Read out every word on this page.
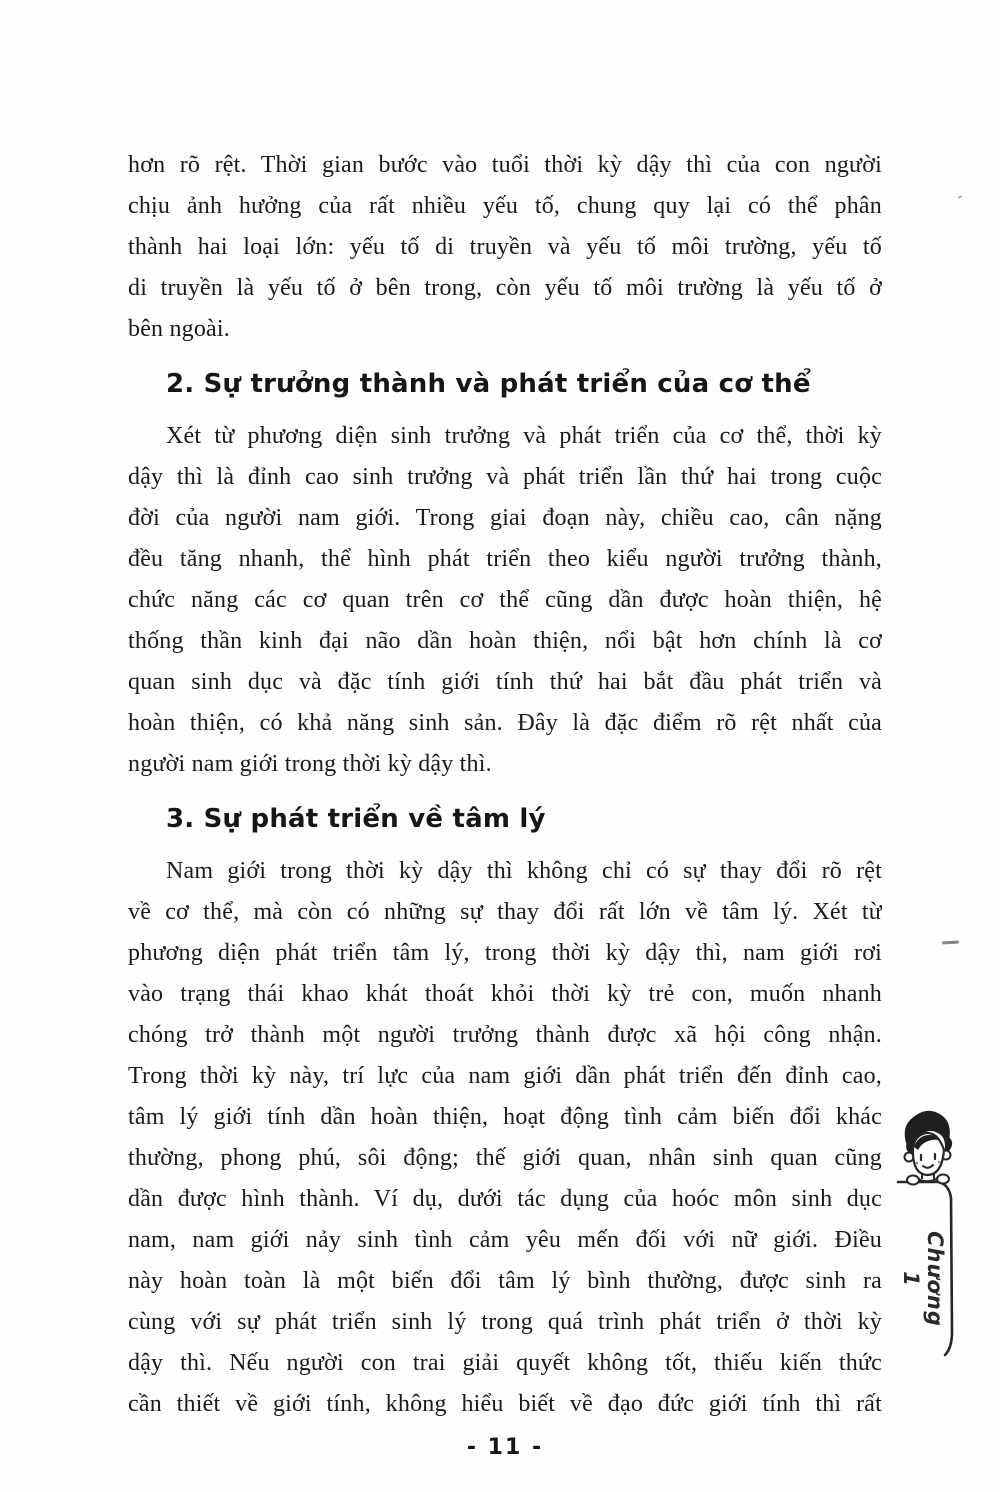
hơn rõ rệt. Thời gian bước vào tuổi thời kỳ dậy thì của con người
chịu ảnh hưởng của rất nhiều yếu tố, chung quy lại có thể phân
thành hai loại lớn: yếu tố di truyền và yếu tố môi trường, yếu tố
di truyền là yếu tố ở bên trong, còn yếu tố môi trường là yếu tố ở
bên ngoài.
2. Sự trưởng thành và phát triển của cơ thể
Xét từ phương diện sinh trưởng và phát triển của cơ thể, thời kỳ
dậy thì là đỉnh cao sinh trưởng và phát triển lần thứ hai trong cuộc
đời của người nam giới. Trong giai đoạn này, chiều cao, cân nặng
đều tăng nhanh, thể hình phát triển theo kiểu người trưởng thành,
chức năng các cơ quan trên cơ thể cũng dần được hoàn thiện, hệ
thống thần kinh đại não dần hoàn thiện, nổi bật hơn chính là cơ
quan sinh dục và đặc tính giới tính thứ hai bắt đầu phát triển và
hoàn thiện, có khả năng sinh sản. Đây là đặc điểm rõ rệt nhất của
người nam giới trong thời kỳ dậy thì.
3. Sự phát triển về tâm lý
Nam giới trong thời kỳ dậy thì không chỉ có sự thay đổi rõ rệt
về cơ thể, mà còn có những sự thay đổi rất lớn về tâm lý. Xét từ
phương diện phát triển tâm lý, trong thời kỳ dậy thì, nam giới rơi
vào trạng thái khao khát thoát khỏi thời kỳ trẻ con, muốn nhanh
chóng trở thành một người trưởng thành được xã hội công nhận.
Trong thời kỳ này, trí lực của nam giới dần phát triển đến đỉnh cao,
tâm lý giới tính dần hoàn thiện, hoạt động tình cảm biến đổi khác
thường, phong phú, sôi động; thế giới quan, nhân sinh quan cũng
dần được hình thành. Ví dụ, dưới tác dụng của hoóc môn sinh dục
nam, nam giới nảy sinh tình cảm yêu mến đối với nữ giới. Điều
này hoàn toàn là một biến đổi tâm lý bình thường, được sinh ra
cùng với sự phát triển sinh lý trong quá trình phát triển ở thời kỳ
dậy thì. Nếu người con trai giải quyết không tốt, thiếu kiến thức
cần thiết về giới tính, không hiểu biết về đạo đức giới tính thì rất
- 11 -
Chương 1
